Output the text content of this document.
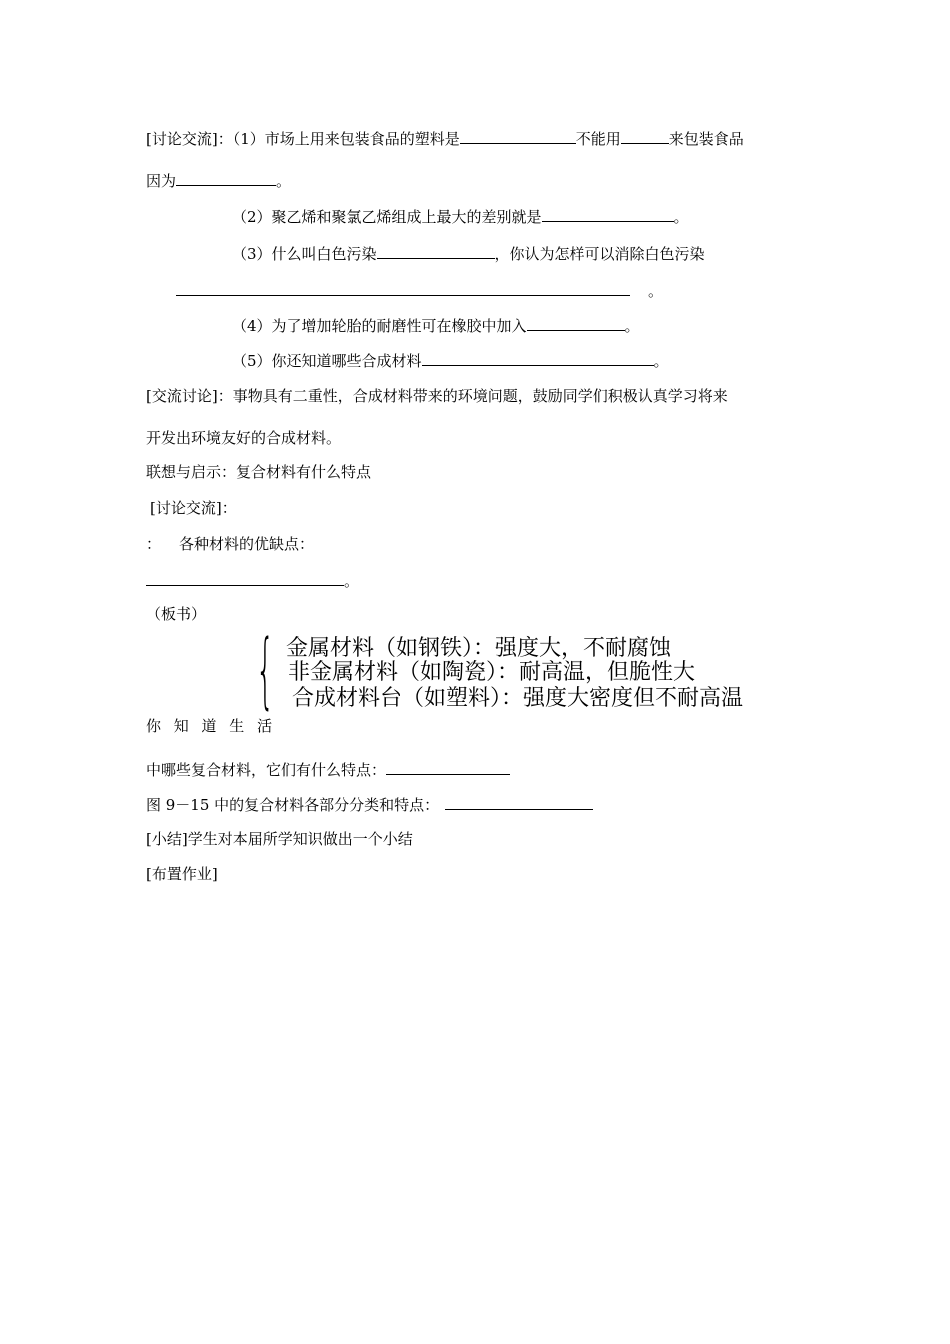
[讨论交流]：（1）市场上用来包装食品的塑料是	不能用	来包装食品
因为	。
（2）聚乙烯和聚氯乙烯组成上最大的差别就是	。
（3）什么叫白色污染	，你认为怎样可以消除白色污染
。
（4）为了增加轮胎的耐磨性可在橡胶中加入	。
（5）你还知道哪些合成材料	。
[交流讨论]：事物具有二重性，合成材料带来的环境问题，鼓励同学们积极认真学习将来
开发出环境友好的合成材料。
联想与启示：复合材料有什么特点
[讨论交流]：
： 各种材料的优缺点：
。
（板书）
{ 金属材料（如钢铁）：强度大，不耐腐蚀
非金属材料（如陶瓷）：耐高温，但脆性大
合成材料台（如塑料）：强度大密度但不耐高温
你 知 道 生 活
中哪些复合材料，它们有什么特点：
图 9－15 中的复合材料各部分分类和特点：
[小结]学生对本届所学知识做出一个小结
[布置作业]
